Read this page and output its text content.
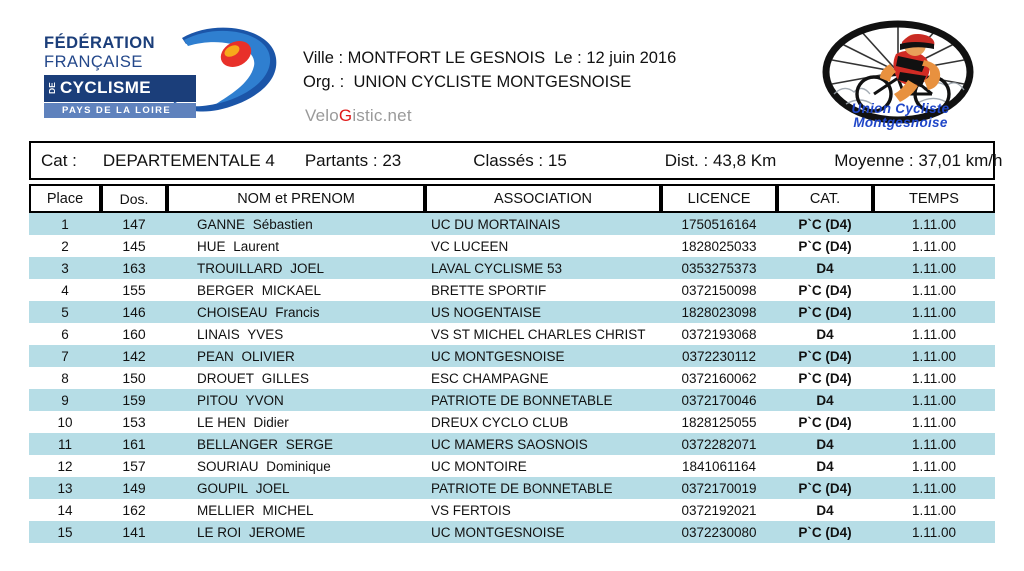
FÉDÉRATION
FRANÇAISE
DE CYCLISME
PAYS DE LA LOIRE
Ville : MONTFORT LE GESNOIS Le : 12 juin 2016
Org. : UNION CYCLISTE MONTGESNOISE
VeloGistic.net	Union Cycliste
Montgesnoise
Cat :	DEPARTEMENTALE 4	Partants : 23	Classés : 15	Dist. : 43,8 Km	Moyenne : 37,01 km/h
Place	Dos.	NOM et PRENOM	ASSOCIATION	LICENCE	CAT.	TEMPS
1	147	GANNE Sébastien	UC DU MORTAINAIS	1750516164	P`C (D4)	1.11.00
2	145	HUE Laurent	VC LUCEEN	1828025033	P`C (D4)	1.11.00
3	163	TROUILLARD JOEL	LAVAL CYCLISME 53	0353275373	D4	1.11.00
4	155	BERGER MICKAEL	BRETTE SPORTIF	0372150098	P`C (D4)	1.11.00
5	146	CHOISEAU Francis	US NOGENTAISE	1828023098	P`C (D4)	1.11.00
6	160	LINAIS YVES	VS ST MICHEL CHARLES CHRIST	0372193068	D4	1.11.00
7	142	PEAN OLIVIER	UC MONTGESNOISE	0372230112	P`C (D4)	1.11.00
8	150	DROUET GILLES	ESC CHAMPAGNE	0372160062	P`C (D4)	1.11.00
9	159	PITOU YVON	PATRIOTE DE BONNETABLE	0372170046	D4	1.11.00
10	153	LE HEN Didier	DREUX CYCLO CLUB	1828125055	P`C (D4)	1.11.00
11	161	BELLANGER SERGE	UC MAMERS SAOSNOIS	0372282071	D4	1.11.00
12	157	SOURIAU Dominique	UC MONTOIRE	1841061164	D4	1.11.00
13	149	GOUPIL JOEL	PATRIOTE DE BONNETABLE	0372170019	P`C (D4)	1.11.00
14	162	MELLIER MICHEL	VS FERTOIS	0372192021	D4	1.11.00
15	141	LE ROI JEROME	UC MONTGESNOISE	0372230080	P`C (D4)	1.11.00
